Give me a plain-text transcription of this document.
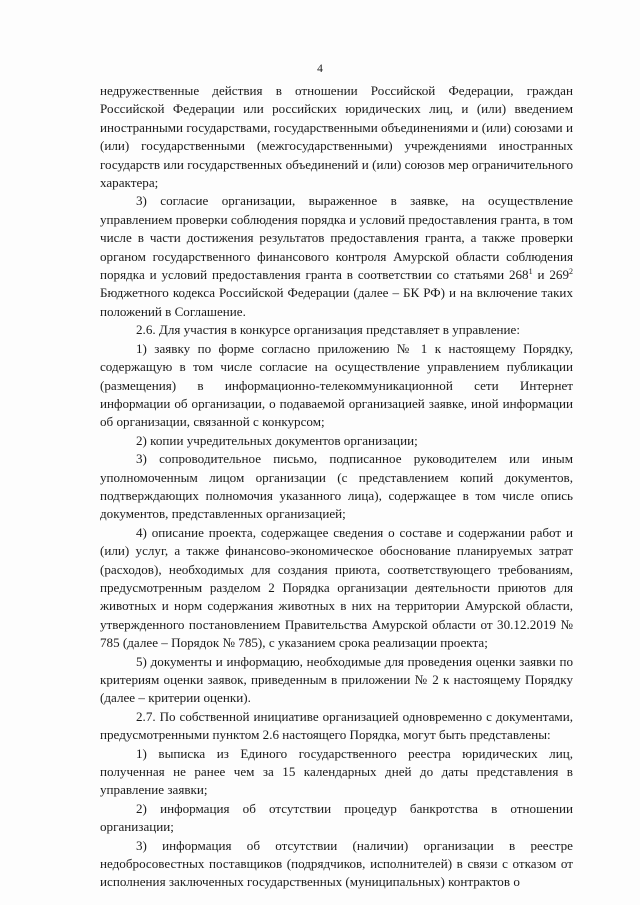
4

недружественные действия в отношении Российской Федерации, граждан Российской Федерации или российских юридических лиц, и (или) введением иностранными государствами, государственными объединениями и (или) союзами и (или) государственными (межгосударственными) учреждениями иностранных государств или государственных объединений и (или) союзов мер ограничительного характера;

3) согласие организации, выраженное в заявке, на осуществление управлением проверки соблюдения порядка и условий предоставления гранта, в том числе в части достижения результатов предоставления гранта, а также проверки органом государственного финансового контроля Амурской области соблюдения порядка и условий предоставления гранта в соответствии со статьями $268^1$ и $269^2$ Бюджетного кодекса Российской Федерации (далее – БК РФ) и на включение таких положений в Соглашение.

2.6. Для участия в конкурсе организация представляет в управление:

1) заявку по форме согласно приложению № 1 к настоящему Порядку, содержащую в том числе согласие на осуществление управлением публикации (размещения) в информационно-телекоммуникационной сети Интернет информации об организации, о подаваемой организацией заявке, иной информации об организации, связанной с конкурсом;

2) копии учредительных документов организации;

3) сопроводительное письмо, подписанное руководителем или иным уполномоченным лицом организации (с представлением копий документов, подтверждающих полномочия указанного лица), содержащее в том числе опись документов, представленных организацией;

4) описание проекта, содержащее сведения о составе и содержании работ и (или) услуг, а также финансово-экономическое обоснование планируемых затрат (расходов), необходимых для создания приюта, соответствующего требованиям, предусмотренным разделом 2 Порядка организации деятельности приютов для животных и норм содержания животных в них на территории Амурской области, утвержденного постановлением Правительства Амурской области от 30.12.2019 № 785 (далее – Порядок № 785), с указанием срока реализации проекта;

5) документы и информацию, необходимые для проведения оценки заявки по критериям оценки заявок, приведенным в приложении № 2 к настоящему Порядку (далее – критерии оценки).

2.7. По собственной инициативе организацией одновременно с документами, предусмотренными пунктом 2.6 настоящего Порядка, могут быть представлены:

1) выписка из Единого государственного реестра юридических лиц, полученная не ранее чем за 15 календарных дней до даты представления в управление заявки;

2) информация об отсутствии процедур банкротства в отношении организации;

3) информация об отсутствии (наличии) организации в реестре недобросовестных поставщиков (подрядчиков, исполнителей) в связи с отказом от исполнения заключенных государственных (муниципальных) контрактов о
